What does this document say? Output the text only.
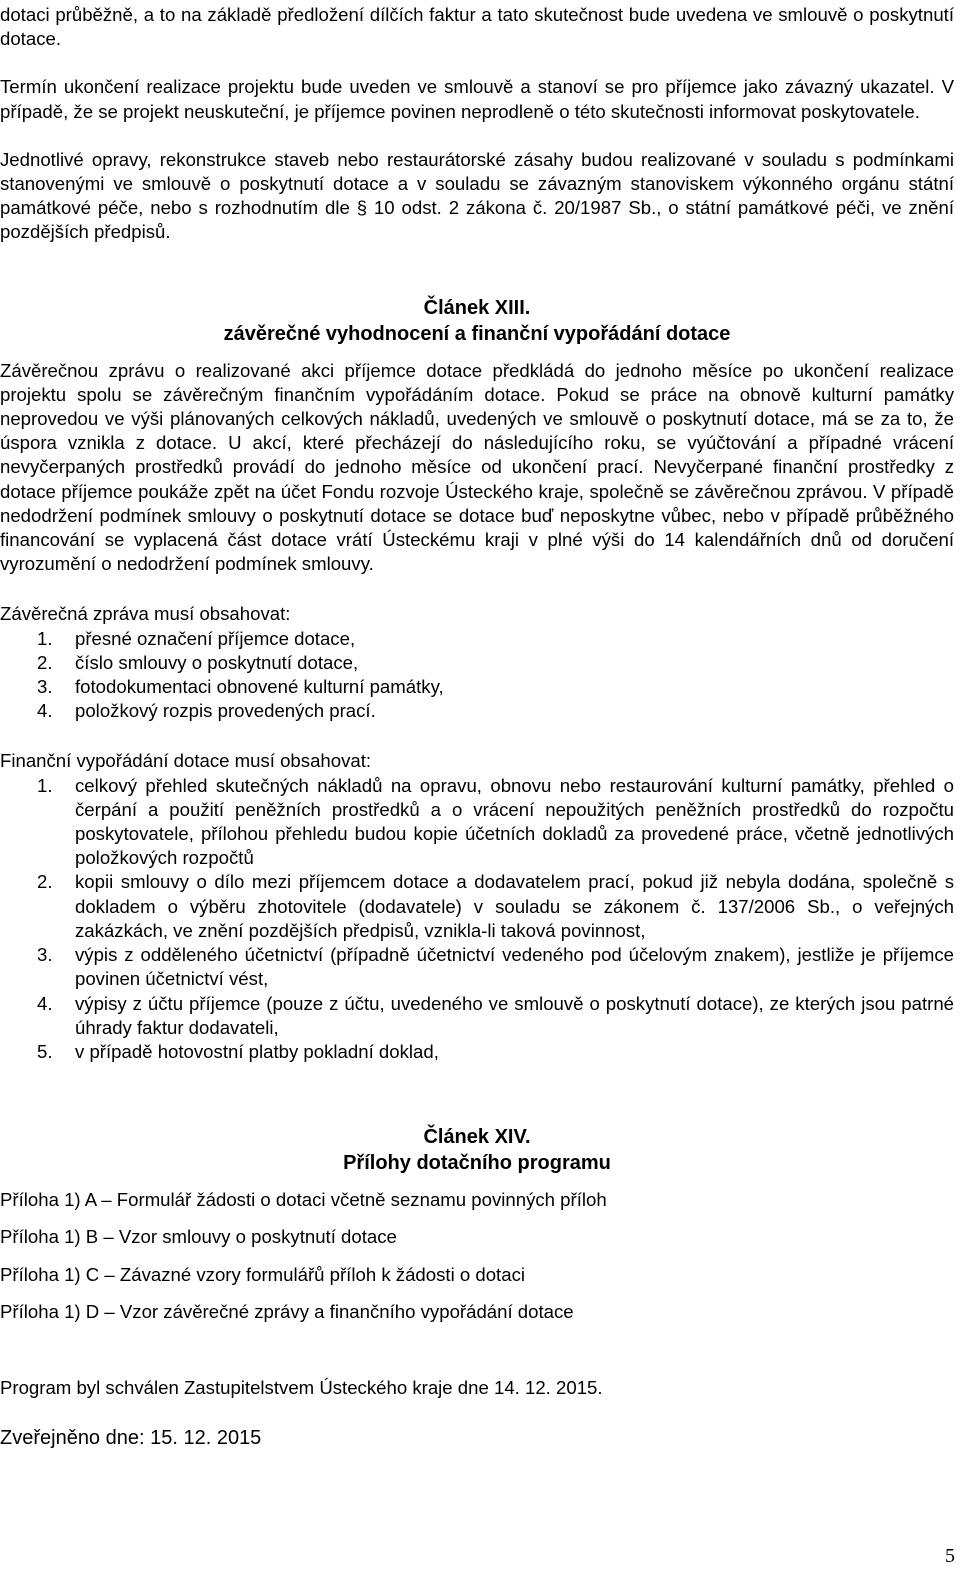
dotaci průběžně, a to na základě předložení dílčích faktur a tato skutečnost bude uvedena ve smlouvě o poskytnutí dotace.

Termín ukončení realizace projektu bude uveden ve smlouvě a stanoví se pro příjemce jako závazný ukazatel. V případě, že se projekt neuskuteční, je příjemce povinen neprodleně o této skutečnosti informovat poskytovatele.

Jednotlivé opravy, rekonstrukce staveb nebo restaurátorské zásahy budou realizované v souladu s podmínkami stanovenými ve smlouvě o poskytnutí dotace a v souladu se závazným stanoviskem výkonného orgánu státní památkové péče, nebo s rozhodnutím dle § 10 odst. 2 zákona č. 20/1987 Sb., o státní památkové péči, ve znění pozdějších předpisů.

Článek XIII.

závěrečné vyhodnocení a finanční vypořádání dotace

Závěrečnou zprávu o realizované akci příjemce dotace předkládá do jednoho měsíce po ukončení realizace projektu spolu se závěrečným finančním vypořádáním dotace. Pokud se práce na obnově kulturní památky neprovedou ve výši plánovaných celkových nákladů, uvedených ve smlouvě o poskytnutí dotace, má se za to, že úspora vznikla z dotace. U akcí, které přecházejí do následujícího roku, se vyúčtování a případné vrácení nevyčerpaných prostředků provádí do jednoho měsíce od ukončení prací. Nevyčerpané finanční prostředky z dotace příjemce poukáže zpět na účet Fondu rozvoje Ústeckého kraje, společně se závěrečnou zprávou. V případě nedodržení podmínek smlouvy o poskytnutí dotace se dotace buď neposkytne vůbec, nebo v případě průběžného financování se vyplacená část dotace vrátí Ústeckému kraji v plné výši do 14 kalendářních dnů od doručení vyrozumění o nedodržení podmínek smlouvy.

Závěrečná zpráva musí obsahovat:

1.	přesné označení příjemce dotace,
2.	číslo smlouvy o poskytnutí dotace,
3.	fotodokumentaci obnovené kulturní památky,
4.	položkový rozpis provedených prací.

Finanční vypořádání dotace musí obsahovat:

1.	celkový přehled skutečných nákladů na opravu, obnovu nebo restaurování kulturní památky, přehled o čerpání a použití peněžních prostředků a o vrácení nepoužitých peněžních prostředků do rozpočtu poskytovatele, přílohou přehledu budou kopie účetních dokladů za provedené práce, včetně jednotlivých položkových rozpočtů
2.	kopii smlouvy o dílo mezi příjemcem dotace a dodavatelem prací, pokud již nebyla dodána, společně s dokladem o výběru zhotovitele (dodavatele) v souladu se zákonem č. 137/2006 Sb., o veřejných zakázkách, ve znění pozdějších předpisů, vznikla-li taková povinnost,
3.	výpis z odděleného účetnictví (případně účetnictví vedeného pod účelovým znakem), jestliže je příjemce povinen účetnictví vést,
4.	výpisy z účtu příjemce (pouze z účtu, uvedeného ve smlouvě o poskytnutí dotace), ze kterých jsou patrné úhrady faktur dodavateli,
5.	v případě hotovostní platby pokladní doklad,

Článek XIV.

Přílohy dotačního programu

Příloha 1) A – Formulář žádosti o dotaci včetně seznamu povinných příloh

Příloha 1) B – Vzor smlouvy o poskytnutí dotace

Příloha 1) C – Závazné vzory formulářů příloh k žádosti o dotaci

Příloha 1) D – Vzor závěrečné zprávy a finančního vypořádání dotace

Program byl schválen Zastupitelstvem Ústeckého kraje dne 14. 12. 2015.

Zveřejněno dne: 15. 12. 2015

5
